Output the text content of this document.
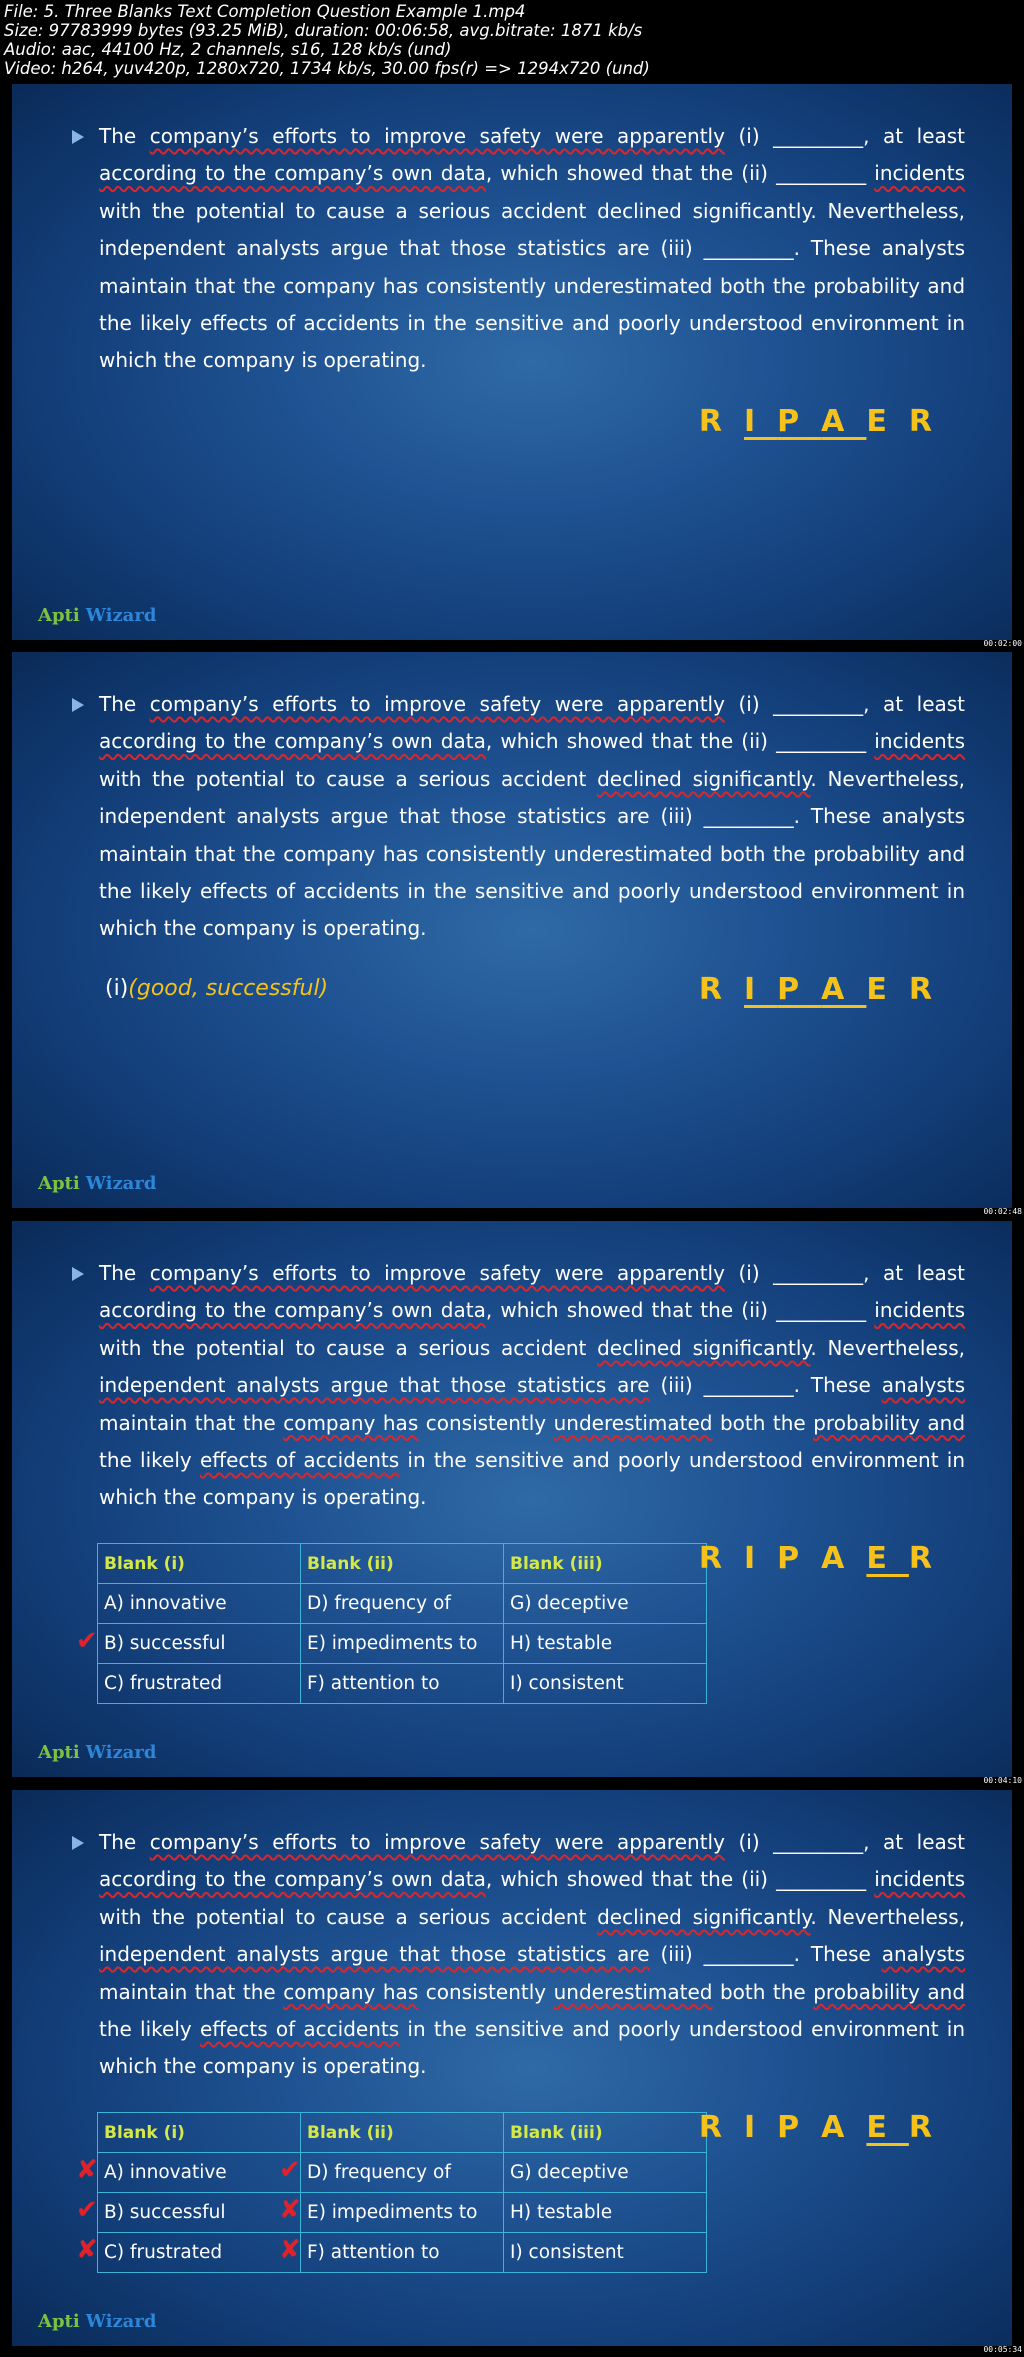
File: 5. Three Blanks Text Completion Question Example 1.mp4
Size: 97783999 bytes (93.25 MiB), duration: 00:06:58, avg.bitrate: 1871 kb/s
Audio: aac, 44100 Hz, 2 channels, s16, 128 kb/s (und)
Video: h264, yuv420p, 1280x720, 1734 kb/s, 30.00 fps(r) => 1294x720 (und)
The company’s efforts to improve safety were apparently (i) _________, at least according to the company’s own data, which showed that the (ii) _________ incidents with the potential to cause a serious accident declined significantly. Nevertheless, independent analysts argue that those statistics are (iii) _________. These analysts maintain that the company has consistently underestimated both the probability and the likely effects of accidents in the sensitive and poorly understood environment in which the company is operating.
RIPAER
Apti Wizard
00:02:00
The company’s efforts to improve safety were apparently (i) _________, at least according to the company’s own data, which showed that the (ii) _________ incidents with the potential to cause a serious accident declined significantly. Nevertheless, independent analysts argue that those statistics are (iii) _________. These analysts maintain that the company has consistently underestimated both the probability and the likely effects of accidents in the sensitive and poorly understood environment in which the company is operating.
(i)(good, successful)	RIPAER
Apti Wizard
00:02:48
The company’s efforts to improve safety were apparently (i) _________, at least according to the company’s own data, which showed that the (ii) _________ incidents with the potential to cause a serious accident declined significantly. Nevertheless, independent analysts argue that those statistics are (iii) _________. These analysts maintain that the company has consistently underestimated both the probability and the likely effects of accidents in the sensitive and poorly understood environment in which the company is operating.
Blank (i)	Blank (ii)	Blank (iii)
A) innovative	D) frequency of	G) deceptive

✔ B) successful	E) impediments to	H) testable
C) frustrated	F) attention to	I) consistent
RIPAER
Apti Wizard
00:04:10
The company’s efforts to improve safety were apparently (i) _________, at least according to the company’s own data, which showed that the (ii) _________ incidents with the potential to cause a serious accident declined significantly. Nevertheless, independent analysts argue that those statistics are (iii) _________. These analysts maintain that the company has consistently underestimated both the probability and the likely effects of accidents in the sensitive and poorly understood environment in which the company is operating.
Blank (i)	Blank (ii)	Blank (iii)

✘ A) innovative	✔ D) frequency of	G) deceptive

✔ B) successful	✘ E) impediments to	H) testable

✘ C) frustrated	✘ F) attention to	I) consistent
RIPAER
Apti Wizard
00:05:34
